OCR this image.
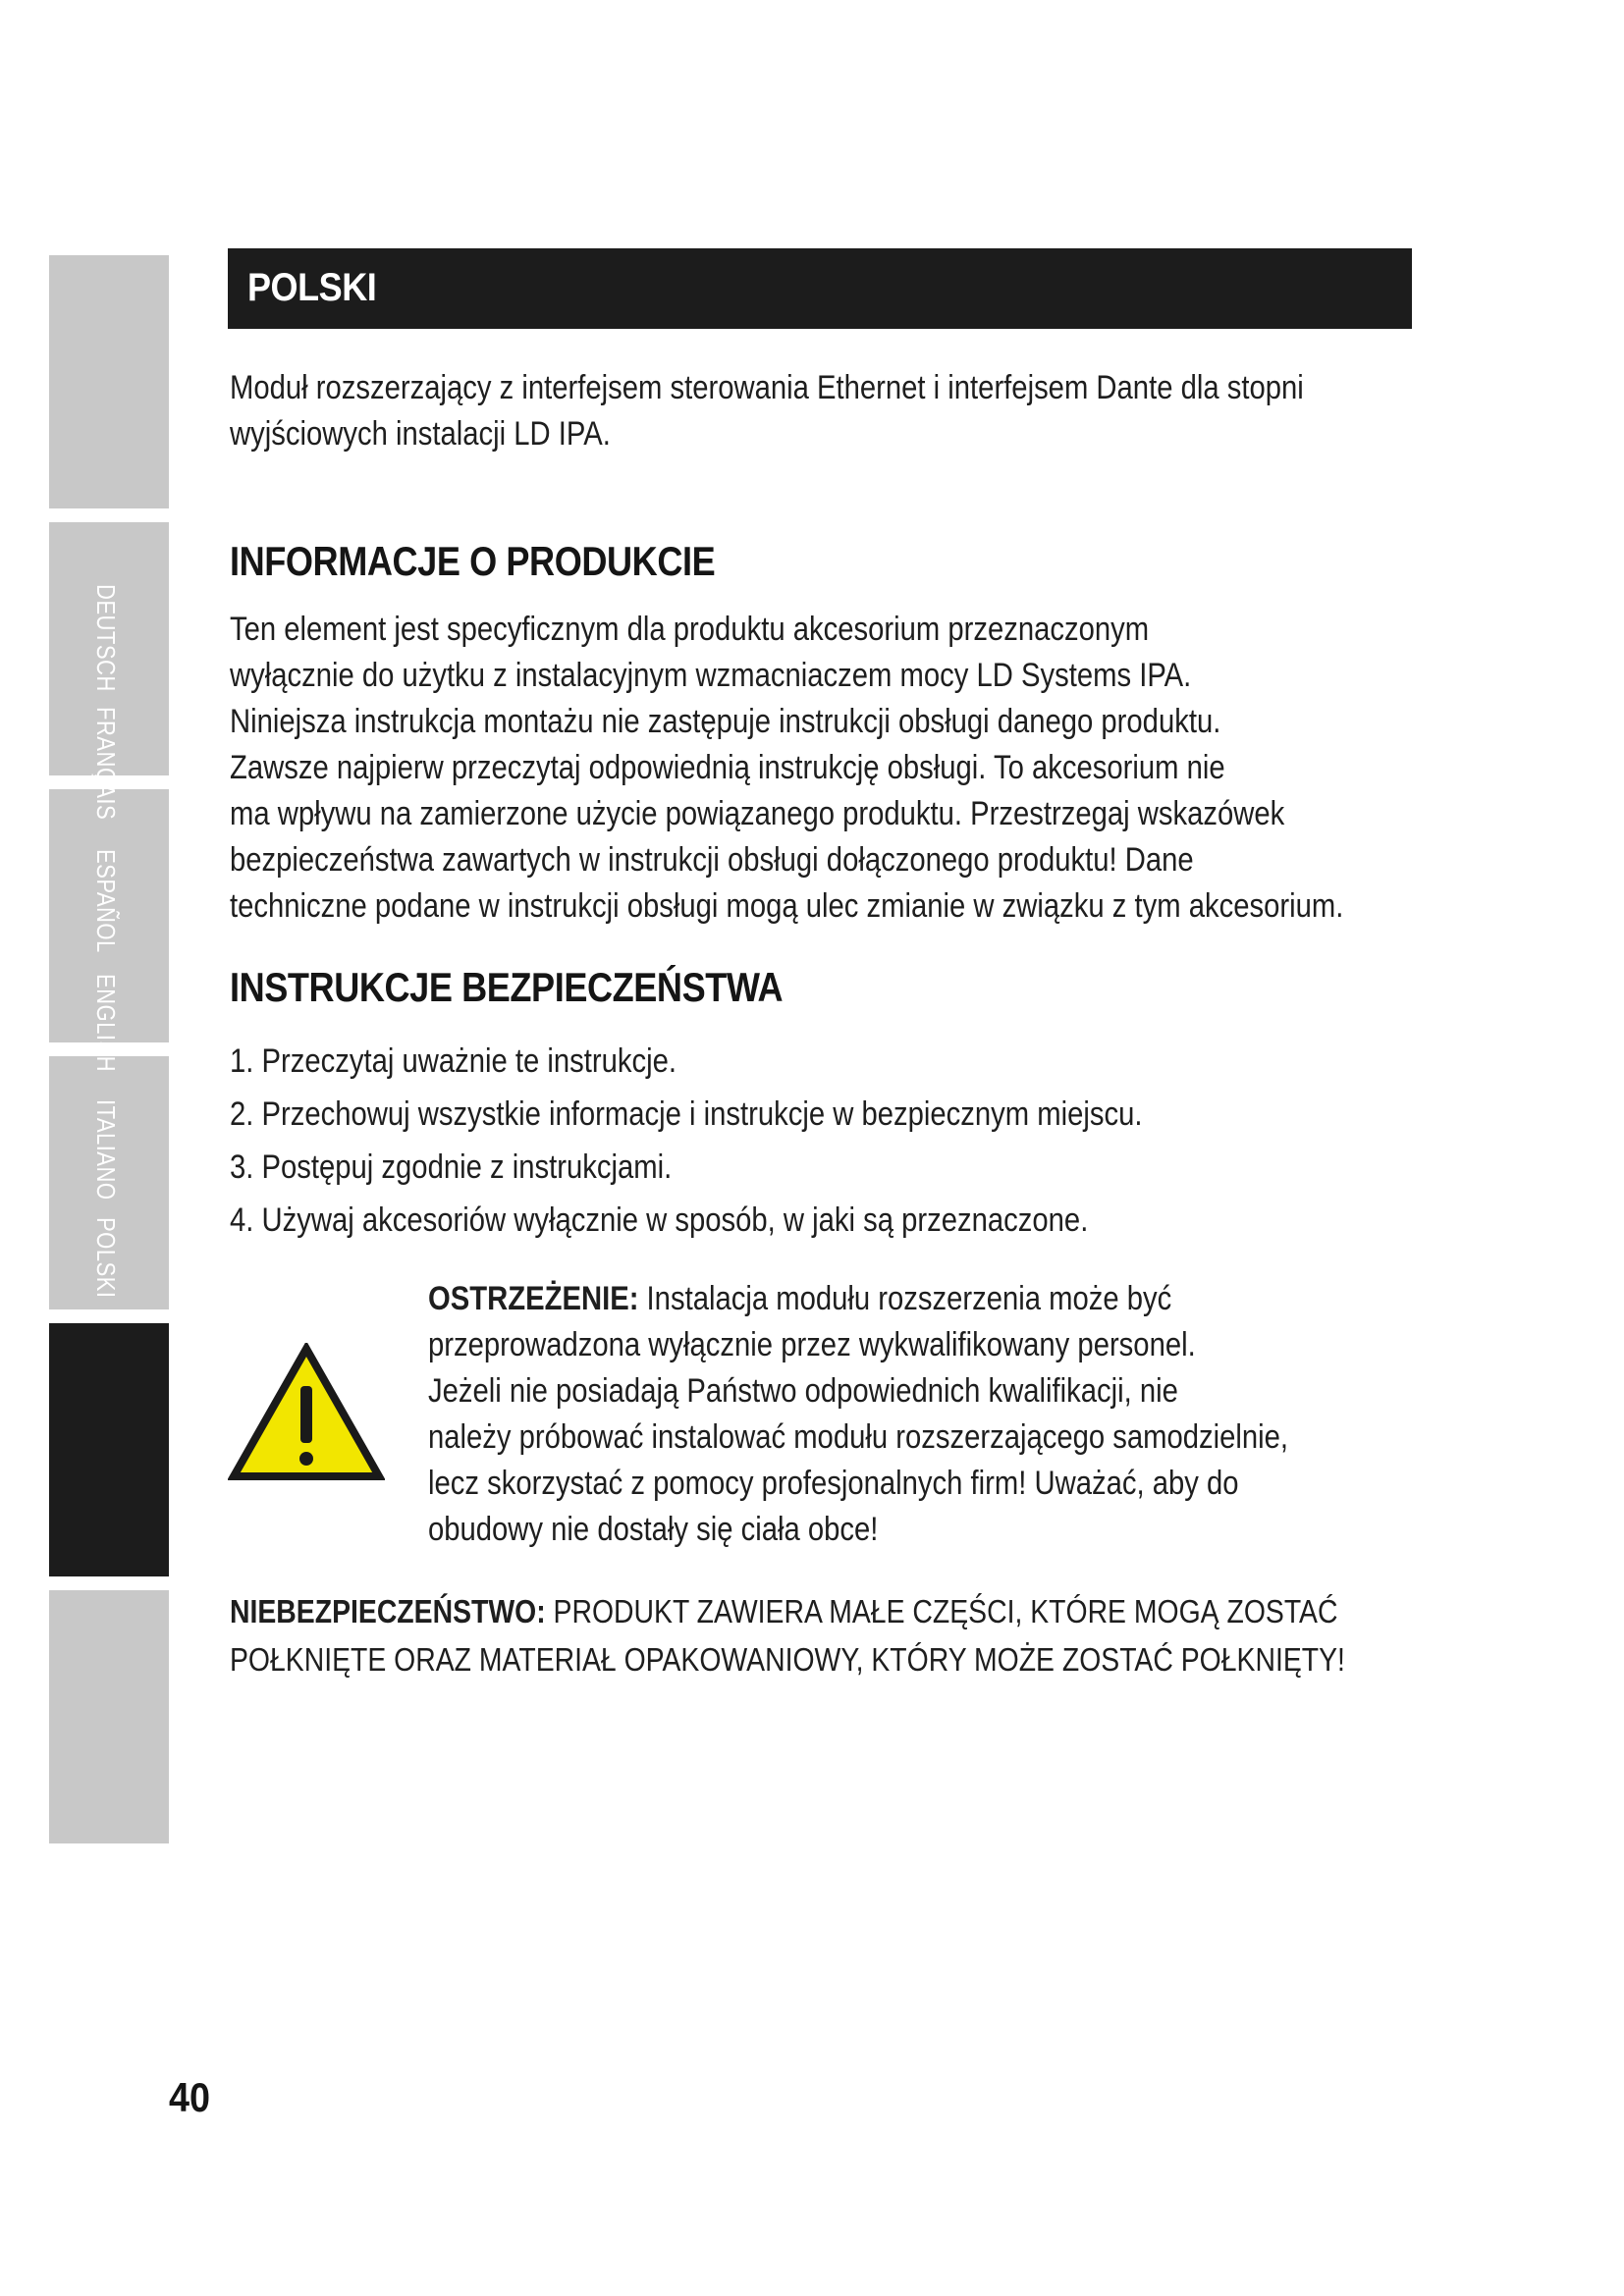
DEUTSCH
FRANÇAIS
ESPAÑOL
ENGLISH
ITALIANO
POLSKI
POLSKI
Moduł rozszerzający z interfejsem sterowania Ethernet i interfejsem Dante dla stopni wyjściowych instalacji LD IPA.
INFORMACJE O PRODUKCIE
Ten element jest specyficznym dla produktu akcesorium przeznaczonym
wyłącznie do użytku z instalacyjnym wzmacniaczem mocy LD Systems IPA.
Niniejsza instrukcja montażu nie zastępuje instrukcji obsługi danego produktu.
Zawsze najpierw przeczytaj odpowiednią instrukcję obsługi. To akcesorium nie
ma wpływu na zamierzone użycie powiązanego produktu. Przestrzegaj wskazówek
bezpieczeństwa zawartych w instrukcji obsługi dołączonego produktu! Dane
techniczne podane w instrukcji obsługi mogą ulec zmianie w związku z tym akcesorium.
INSTRUKCJE BEZPIECZEŃSTWA
1. Przeczytaj uważnie te instrukcje.
2. Przechowuj wszystkie informacje i instrukcje w bezpiecznym miejscu.
3. Postępuj zgodnie z instrukcjami.
4. Używaj akcesoriów wyłącznie w sposób, w jaki są przeznaczone.
OSTRZEŻENIE: Instalacja modułu rozszerzenia może być
przeprowadzona wyłącznie przez wykwalifikowany personel.
Jeżeli nie posiadają Państwo odpowiednich kwalifikacji, nie
należy próbować instalować modułu rozszerzającego samodzielnie,
lecz skorzystać z pomocy profesjonalnych firm! Uważać, aby do
obudowy nie dostały się ciała obce!
NIEBEZPIECZEŃSTWO: PRODUKT ZAWIERA MAŁE CZĘŚCI, KTÓRE MOGĄ ZOSTAĆ
POŁKNIĘTE ORAZ MATERIAŁ OPAKOWANIOWY, KTÓRY MOŻE ZOSTAĆ POŁKNIĘTY!
40
